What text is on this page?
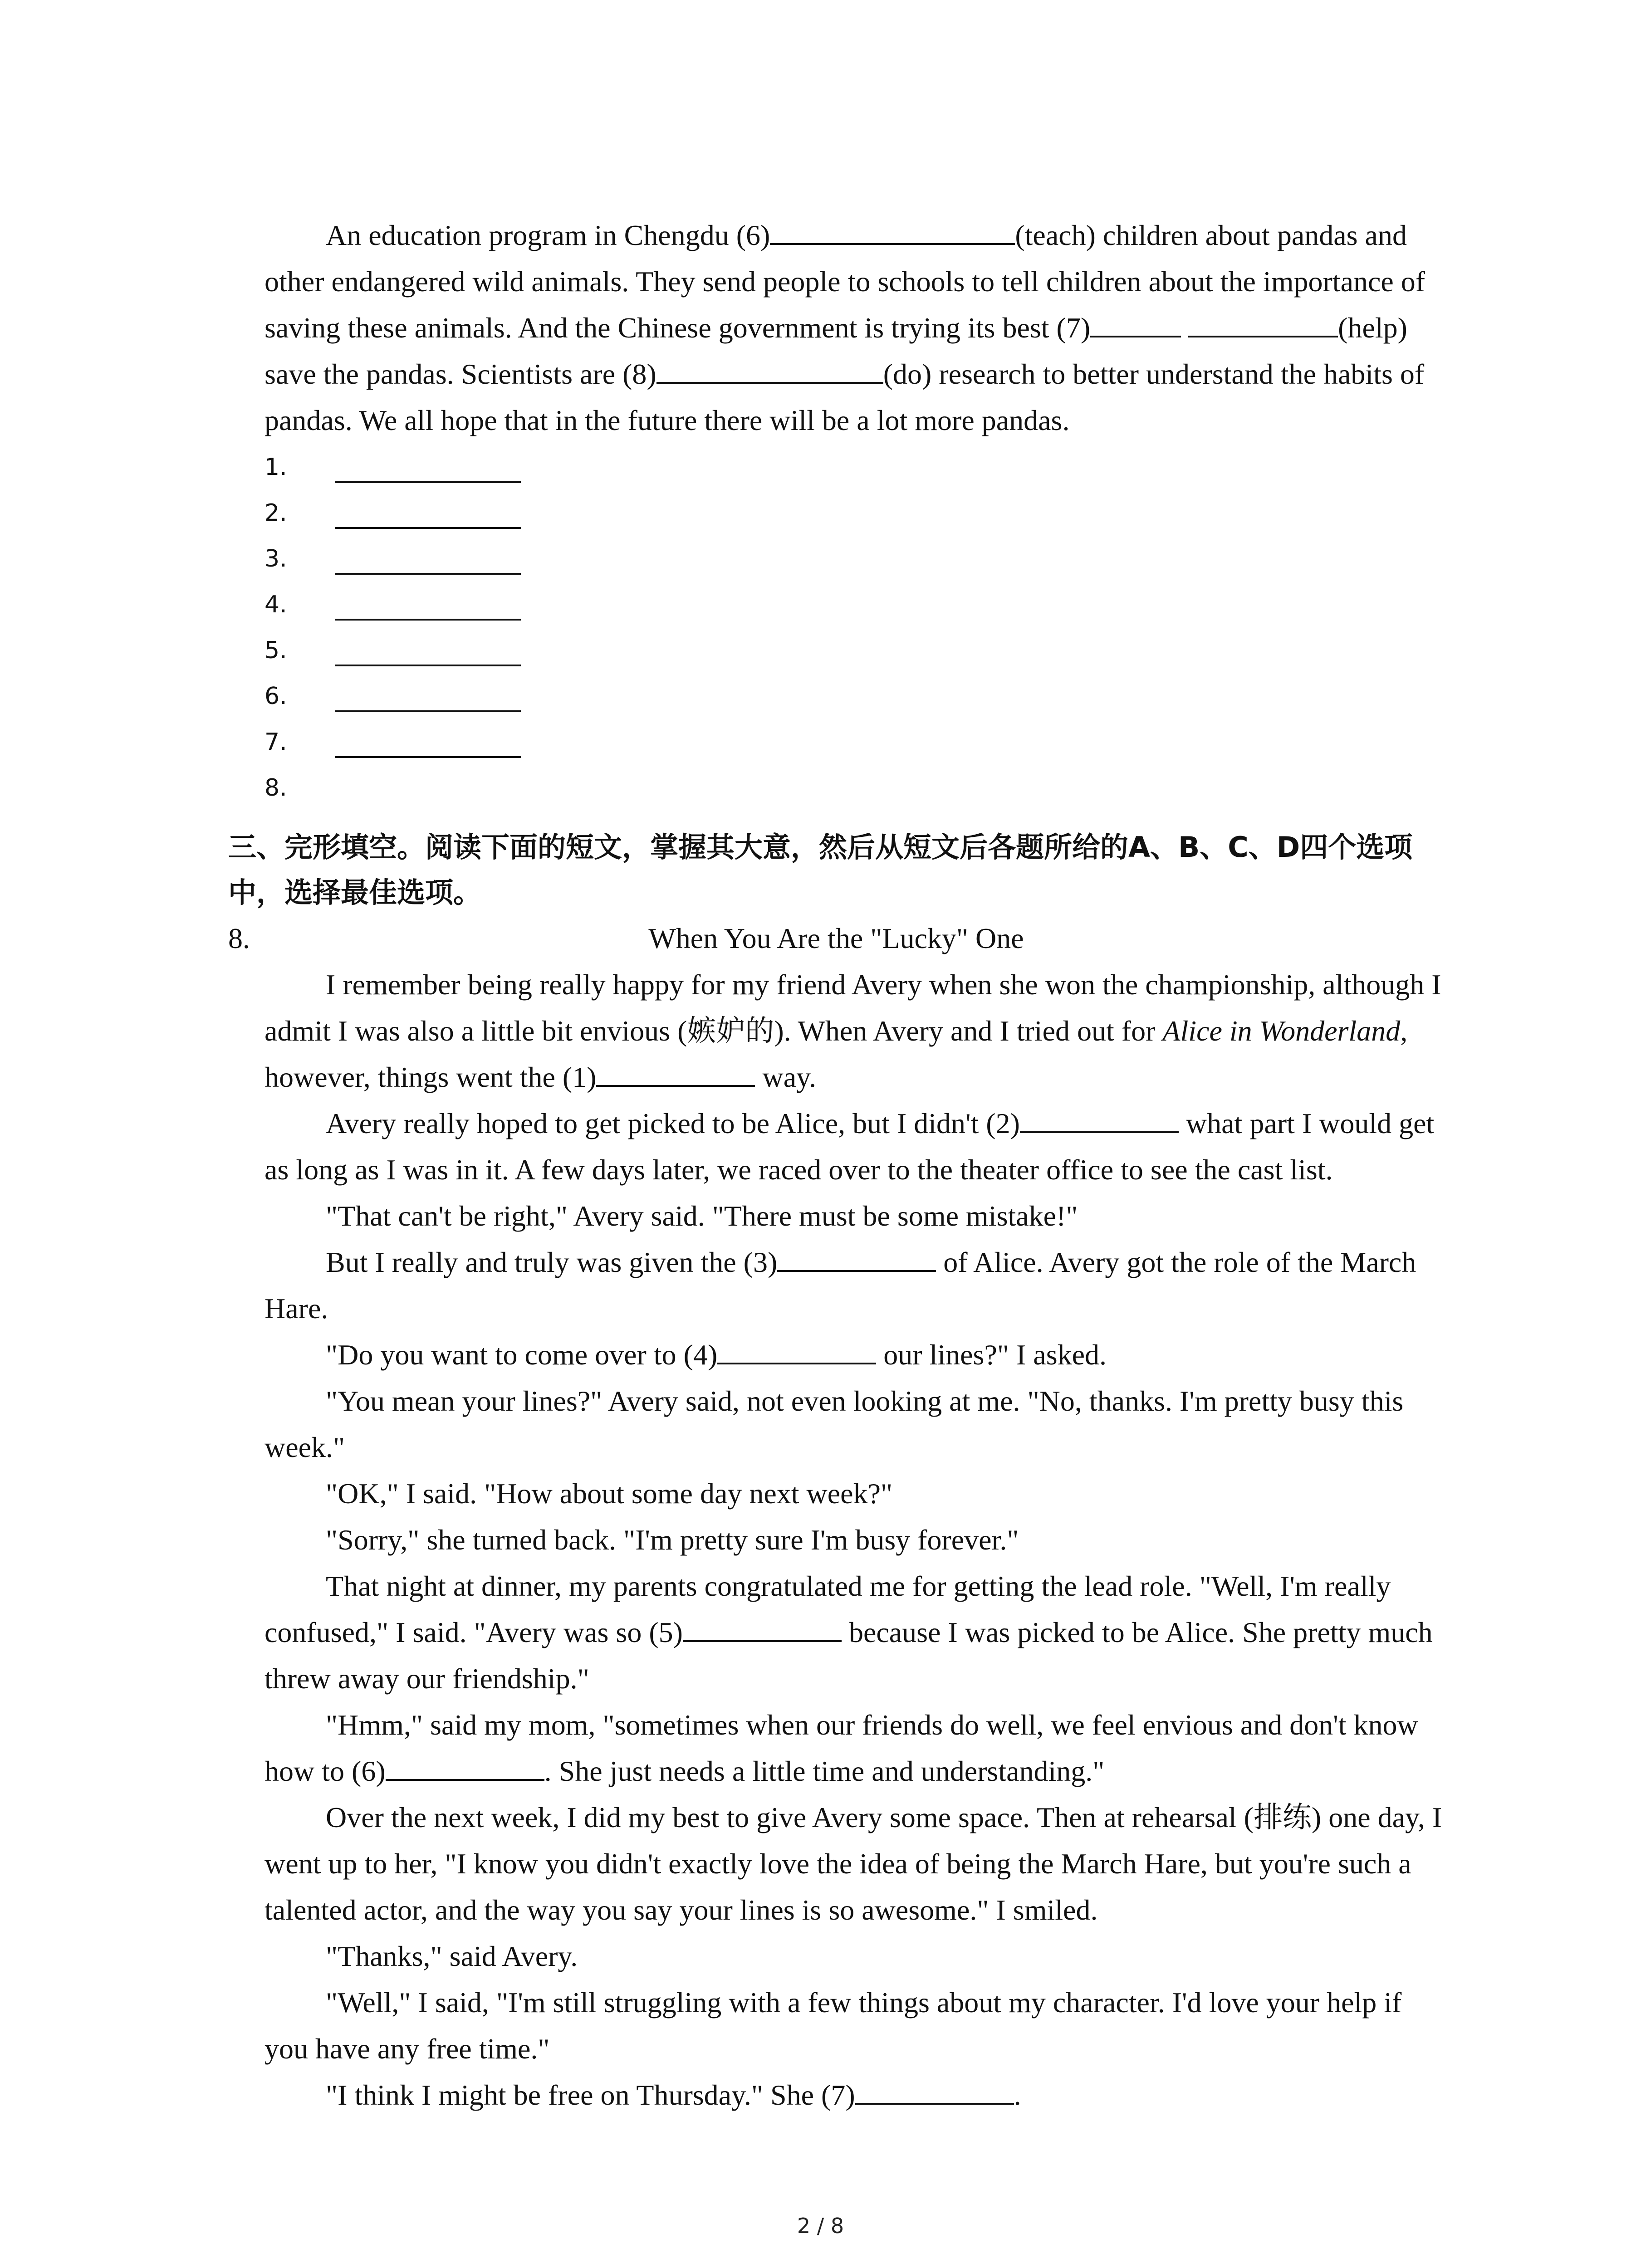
An education program in Chengdu (6)	(teach) children about pandas and other endangered wild animals. They send people to schools to tell children about the importance of saving these animals. And the Chinese government is trying its best (7)	(help) save the pandas. Scientists are (8)	(do) research to better understand the habits of pandas. We all hope that in the future there will be a lot more pandas.

1.
2.
3.
4.
5.
6.
7.
8.

三、完形填空。阅读下面的短文，掌握其大意，然后从短文后各题所给的A、B、C、D四个选项中，选择最佳选项。

8.	When You Are the "Lucky" One

I remember being really happy for my friend Avery when she won the championship, although I admit I was also a little bit envious (嫉妒的). When Avery and I tried out for Alice in Wonderland, however, things went the (1)	way.

Avery really hoped to get picked to be Alice, but I didn't (2)	what part I would get as long as I was in it. A few days later, we raced over to the theater office to see the cast list.

"That can't be right," Avery said. "There must be some mistake!"

But I really and truly was given the (3)	of Alice. Avery got the role of the March Hare.

"Do you want to come over to (4)	our lines?" I asked.

"You mean your lines?" Avery said, not even looking at me. "No, thanks. I'm pretty busy this week."

"OK," I said. "How about some day next week?"

"Sorry," she turned back. "I'm pretty sure I'm busy forever."

That night at dinner, my parents congratulated me for getting the lead role. "Well, I'm really confused," I said. "Avery was so (5)	because I was picked to be Alice. She pretty much threw away our friendship."

"Hmm," said my mom, "sometimes when our friends do well, we feel envious and don't know how to (6)	. She just needs a little time and understanding."

Over the next week, I did my best to give Avery some space. Then at rehearsal (排练) one day, I went up to her, "I know you didn't exactly love the idea of being the March Hare, but you're such a talented actor, and the way you say your lines is so awesome." I smiled.

"Thanks," said Avery.

"Well," I said, "I'm still struggling with a few things about my character. I'd love your help if you have any free time."

"I think I might be free on Thursday." She (7)	.

2 / 8
